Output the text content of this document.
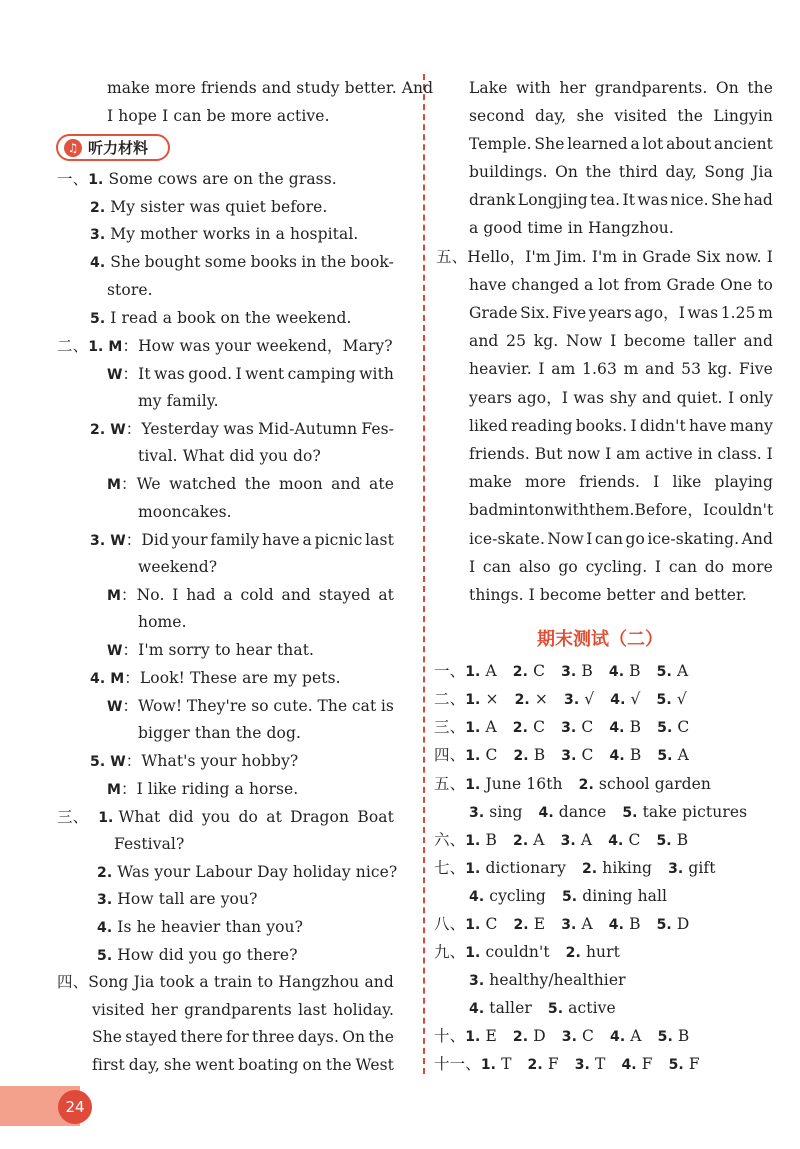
♫ 听力材料
make more friends and study better. And
I hope I can be more active.
一、1. Some cows are on the grass.
2. My sister was quiet before.
3. My mother works in a hospital.
4. She bought some books in the book-
store.
5. I read a book on the weekend.
二、1. M：How was your weekend，Mary?
W：It was good. I went camping with
my family.
2. W：Yesterday was Mid-Autumn Fes-
tival. What did you do?
M：We watched the moon and ate
mooncakes.
3. W：Did your family have a picnic last
weekend?
M：No. I had a cold and stayed at
home.
W：I'm sorry to hear that.
4. M：Look! These are my pets.
W：Wow! They're so cute. The cat is
bigger than the dog.
5. W：What's your hobby?
M：I like riding a horse.
三、 1. What did you do at Dragon Boat
Festival?
2. Was your Labour Day holiday nice?
3. How tall are you?
4. Is he heavier than you?
5. How did you go there?
四、Song Jia took a train to Hangzhou and
visited her grandparents last holiday.
She stayed there for three days. On the
first day, she went boating on the West
Lake with her grandparents. On the
second day, she visited the Lingyin
Temple. She learned a lot about ancient
buildings. On the third day, Song Jia
drank Longjing tea. It was nice. She had
a good time in Hangzhou.
五、Hello，I'm Jim. I'm in Grade Six now. I
have changed a lot from Grade One to
Grade Six. Five years ago，I was 1.25 m
and 25 kg. Now I become taller and
heavier. I am 1.63 m and 53 kg. Five
years ago，I was shy and quiet. I only
liked reading books. I didn't have many
friends. But now I am active in class. I
make more friends. I like playing
badminton with them. Before，I couldn't
ice-skate. Now I can go ice-skating. And
I can also go cycling. I can do more
things. I become better and better.
期末测试（二）
一、1. A 2. C 3. B 4. B 5. A
二、1. × 2. × 3. √ 4. √ 5. √
三、1. A 2. C 3. C 4. B 5. C
四、1. C 2. B 3. C 4. B 5. A
五、1. June 16th 2. school garden
3. sing 4. dance 5. take pictures
六、1. B 2. A 3. A 4. C 5. B
七、1. dictionary 2. hiking 3. gift
4. cycling 5. dining hall
八、1. C 2. E 3. A 4. B 5. D
九、1. couldn't 2. hurt
3. healthy/healthier
4. taller 5. active
十、1. E 2. D 3. C 4. A 5. B
十一、1. T 2. F 3. T 4. F 5. F
24
